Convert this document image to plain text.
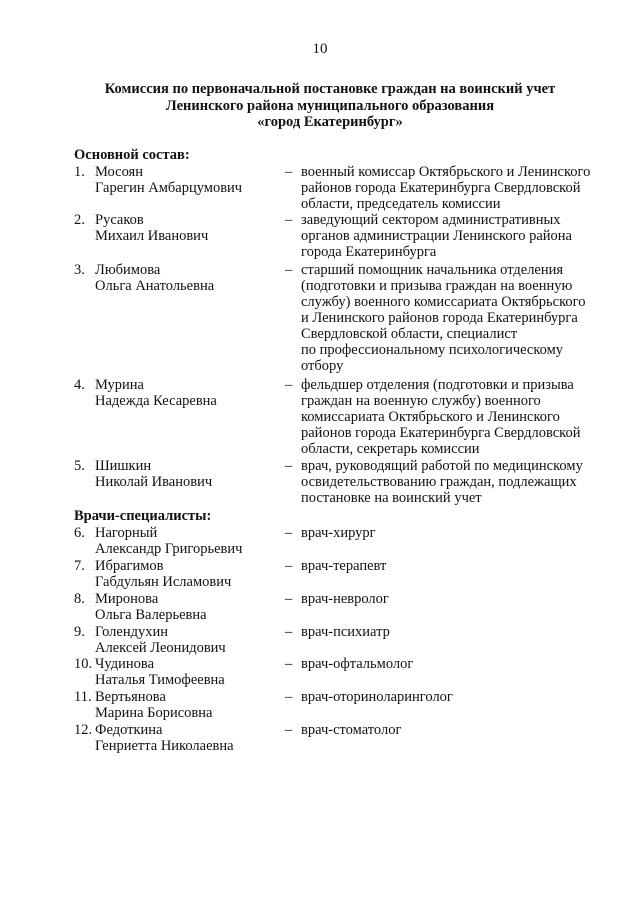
10
Комиссия по первоначальной постановке граждан на воинский учет
Ленинского района муниципального образования
«город Екатеринбург»
Основной состав:
1. Мосоян
Гарегин Амбарцумович
– военный комиссар Октябрьского и Ленинского
районов города Екатеринбурга Свердловской
области, председатель комиссии
2. Русаков
Михаил Иванович
– заведующий сектором административных
органов администрации Ленинского района
города Екатеринбурга
3. Любимова
Ольга Анатольевна
– старший помощник начальника отделения
(подготовки и призыва граждан на военную
службу) военного комиссариата Октябрьского
и Ленинского районов города Екатеринбурга
Свердловской области, специалист
по профессиональному психологическому
отбору
4. Мурина
Надежда Кесаревна
– фельдшер отделения (подготовки и призыва
граждан на военную службу) военного
комиссариата Октябрьского и Ленинского
районов города Екатеринбурга Свердловской
области, секретарь комиссии
5. Шишкин
Николай Иванович
– врач, руководящий работой по медицинскому
освидетельствованию граждан, подлежащих
постановке на воинский учет
Врачи-специалисты:
6. Нагорный
Александр Григорьевич
– врач-хирург
7. Ибрагимов
Габдульян Исламович
– врач-терапевт
8. Миронова
Ольга Валерьевна
– врач-невролог
9. Голендухин
Алексей Леонидович
– врач-психиатр
10. Чудинова
Наталья Тимофеевна
– врач-офтальмолог
11. Вертьянова
Марина Борисовна
– врач-оториноларинголог
12. Федоткина
Генриетта Николаевна
– врач-стоматолог
